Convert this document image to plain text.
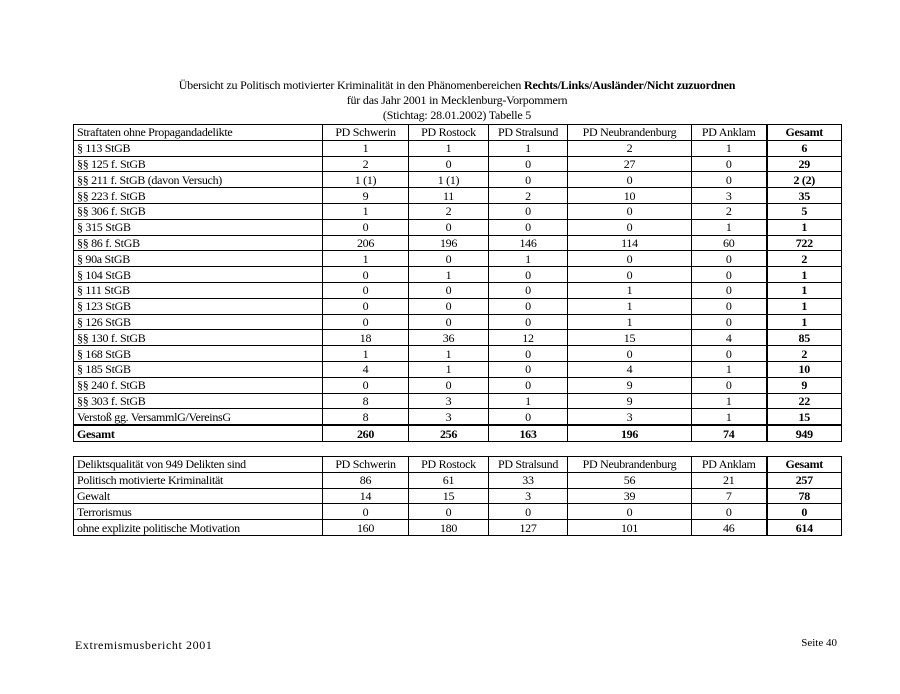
Übersicht zu Politisch motivierter Kriminalität in den Phänomenbereichen Rechts/Links/Ausländer/Nicht zuzuordnen
für das Jahr 2001 in Mecklenburg-Vorpommern
(Stichtag: 28.01.2002) Tabelle 5
Straftaten ohne Propagandadelikte	PD Schwerin	PD Rostock	PD Stralsund	PD Neubrandenburg	PD Anklam	Gesamt
§ 113 StGB	1	1	1	2	1	6
§§ 125 f. StGB	2	0	0	27	0	29
§§ 211 f. StGB (davon Versuch)	1 (1)	1 (1)	0	0	0	2 (2)
§§ 223 f. StGB	9	11	2	10	3	35
§§ 306 f. StGB	1	2	0	0	2	5
§ 315 StGB	0	0	0	0	1	1
§§ 86 f. StGB	206	196	146	114	60	722
§ 90a StGB	1	0	1	0	0	2
§ 104 StGB	0	1	0	0	0	1
§ 111 StGB	0	0	0	1	0	1
§ 123 StGB	0	0	0	1	0	1
§ 126 StGB	0	0	0	1	0	1
§§ 130 f. StGB	18	36	12	15	4	85
§ 168 StGB	1	1	0	0	0	2
§ 185 StGB	4	1	0	4	1	10
§§ 240 f. StGB	0	0	0	9	0	9
§§ 303 f. StGB	8	3	1	9	1	22
Verstoß gg. VersammlG/VereinsG	8	3	0	3	1	15
Gesamt	260	256	163	196	74	949
Deliktsqualität von 949 Delikten sind	PD Schwerin	PD Rostock	PD Stralsund	PD Neubrandenburg	PD Anklam	Gesamt
Politisch motivierte Kriminalität	86	61	33	56	21	257
Gewalt	14	15	3	39	7	78
Terrorismus	0	0	0	0	0	0
ohne explizite politische Motivation	160	180	127	101	46	614
Extremismusbericht 2001	Seite 40
